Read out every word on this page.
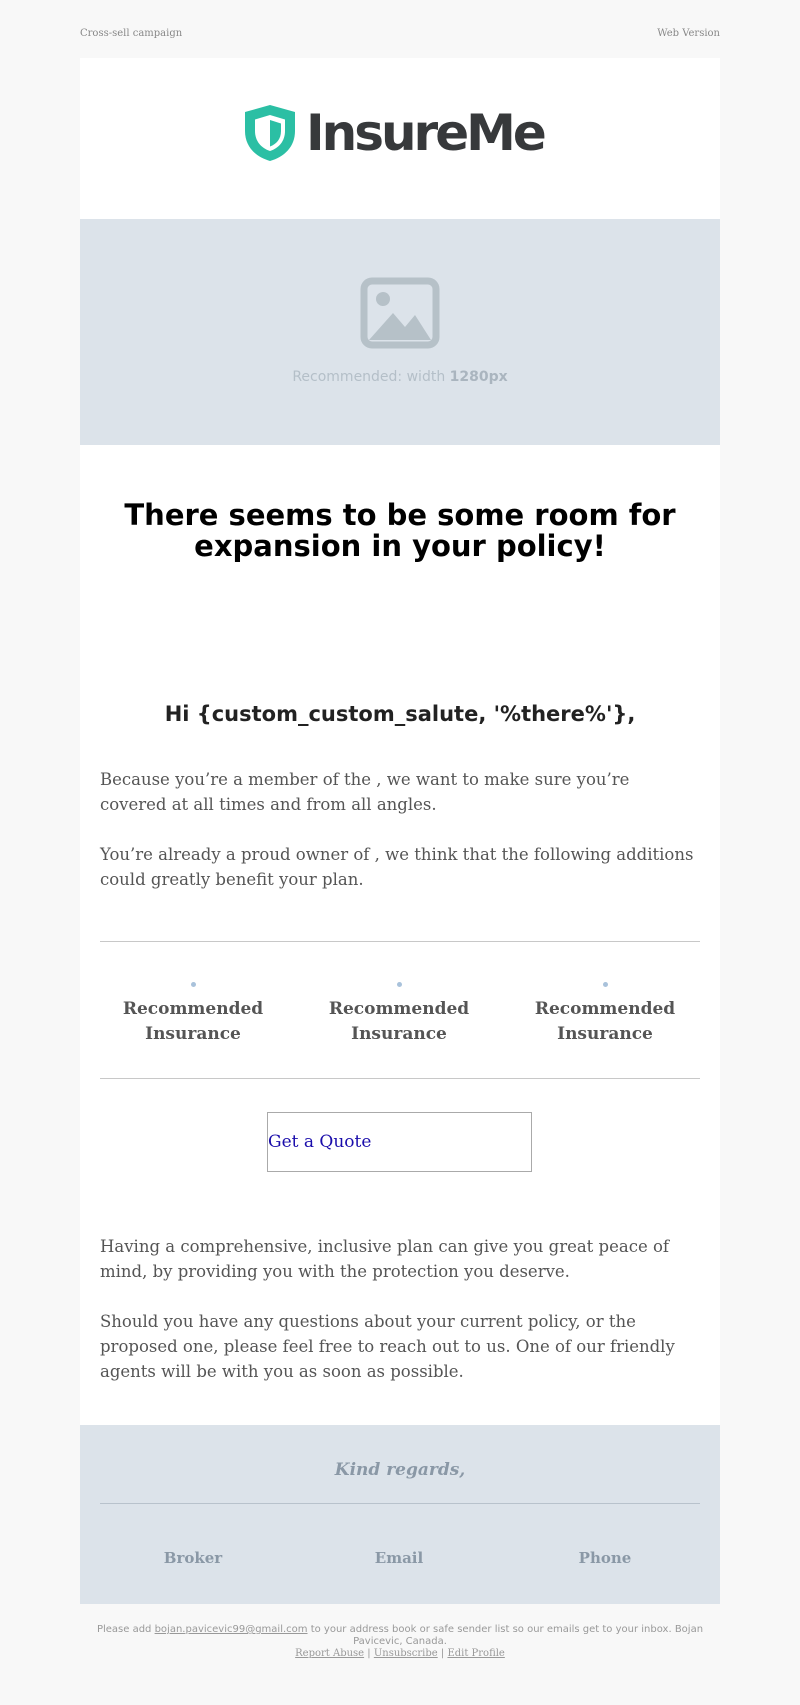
Cross-sell campaign	Web Version
InsureMe
Recommended: width 1280px
There seems to be some room for expansion in your policy!
Hi {custom_custom_salute, '%there%'},

Because you’re a member of the , we want to make sure you’re covered at all times and from all angles.

You’re already a proud owner of , we think that the following additions could greatly benefit your plan.

Recommended Insurance
Recommended Insurance
Recommended Insurance
Get a Quote

Having a comprehensive, inclusive plan can give you great peace of mind, by providing you with the protection you deserve.

Should you have any questions about your current policy, or the proposed one, please feel free to reach out to us. One of our friendly agents will be with you as soon as possible.

Kind regards,
Broker	Email	Phone
Please add bojan.pavicevic99@gmail.com to your address book or safe sender list so our emails get to your inbox. Bojan Pavicevic, Canada.
Report Abuse | Unsubscribe | Edit Profile
